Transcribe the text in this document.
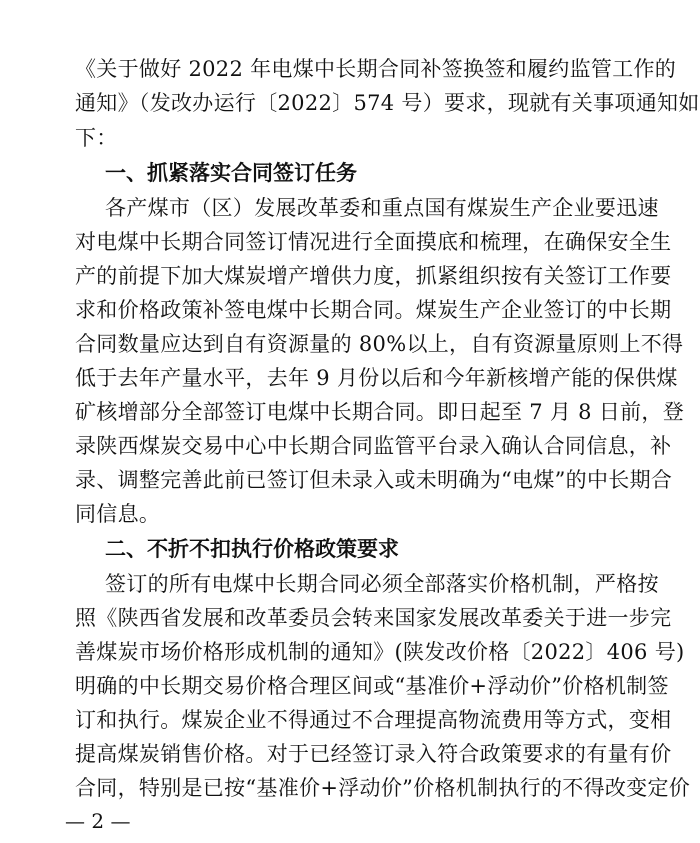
《关于做好 2022 年电煤中长期合同补签换签和履约监管工作的
通知》（发改办运行〔2022〕574 号）要求，现就有关事项通知如
下：
一、抓紧落实合同签订任务
各产煤市（区）发展改革委和重点国有煤炭生产企业要迅速
对电煤中长期合同签订情况进行全面摸底和梳理，在确保安全生
产的前提下加大煤炭增产增供力度，抓紧组织按有关签订工作要
求和价格政策补签电煤中长期合同。煤炭生产企业签订的中长期
合同数量应达到自有资源量的 80%以上，自有资源量原则上不得
低于去年产量水平，去年 9 月份以后和今年新核增产能的保供煤
矿核增部分全部签订电煤中长期合同。即日起至 7 月 8 日前，登
录陕西煤炭交易中心中长期合同监管平台录入确认合同信息，补
录、调整完善此前已签订但未录入或未明确为“电煤”的中长期合
同信息。
二、不折不扣执行价格政策要求
签订的所有电煤中长期合同必须全部落实价格机制，严格按
照《陕西省发展和改革委员会转来国家发展改革委关于进一步完
善煤炭市场价格形成机制的通知》(陕发改价格〔2022〕406 号)
明确的中长期交易价格合理区间或“基准价+浮动价”价格机制签
订和执行。煤炭企业不得通过不合理提高物流费用等方式，变相
提高煤炭销售价格。对于已经签订录入符合政策要求的有量有价
合同，特别是已按“基准价+浮动价”价格机制执行的不得改变定价
— 2 —
